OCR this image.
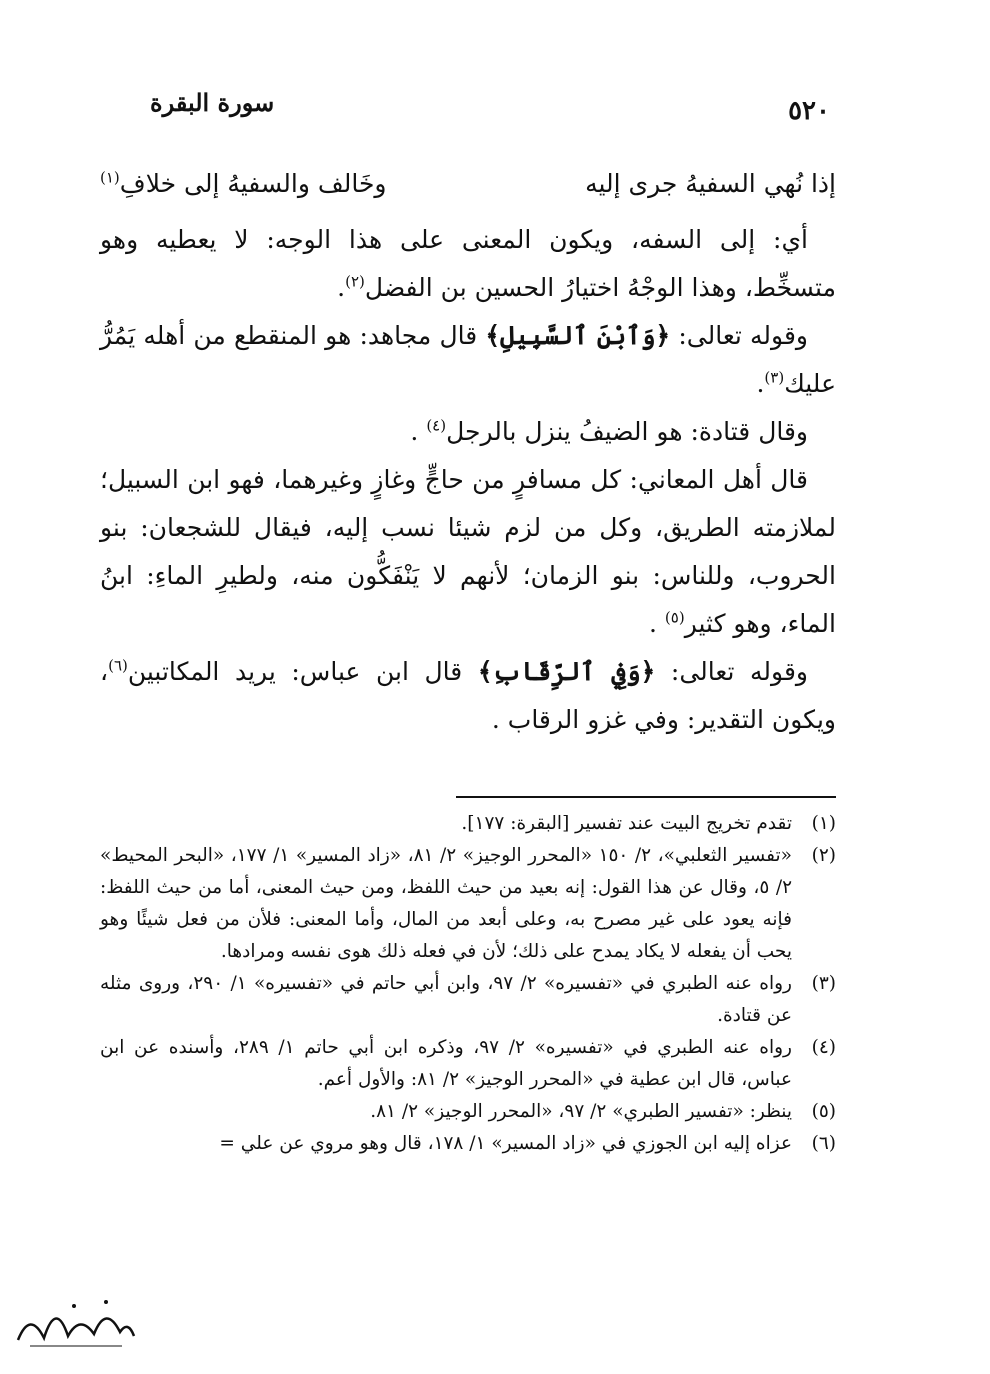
٥٢٠
سورة البقرة
إذا نُهي السفيهُ جرى إليه
وخَالف والسفيهُ إلى خلافِ$^{(١)}$

أي: إلى السفه، ويكون المعنى على هذا الوجه: لا يعطيه وهو متسخِّط، وهذا الوجْهُ اختيارُ الحسين بن الفضل$^{(٢)}$.

وقوله تعالى: ﴿وَٱبْنَ ٱلسَّبِيلِ﴾ قال مجاهد: هو المنقطع من أهله يَمُرُّ عليك$^{(٣)}$.

وقال قتادة: هو الضيفُ ينزل بالرجل$^{(٤)}$ .

قال أهل المعاني: كل مسافرٍ من حاجٍّ وغازٍ وغيرهما، فهو ابن السبيل؛ لملازمته الطريق، وكل من لزم شيئا نسب إليه، فيقال للشجعان: بنو الحروب، وللناس: بنو الزمان؛ لأنهم لا يَنْفَكُّون منه، ولطيرِ الماءِ: ابنُ الماء، وهو كثير$^{(٥)}$ .

وقوله تعالى: ﴿وَفِي ٱلرِّقَابِ﴾ قال ابن عباس: يريد المكاتبين$^{(٦)}$، ويكون التقدير: وفي غزو الرقاب .

(١)
تقدم تخريج البيت عند تفسير [البقرة: ١٧٧].
(٢)
«تفسير الثعلبي»، ٢/ ١٥٠ «المحرر الوجيز» ٢/ ٨١، «زاد المسير» ١/ ١٧٧، «البحر المحيط» ٢/ ٥، وقال عن هذا القول: إنه بعيد من حيث اللفظ، ومن حيث المعنى، أما من حيث اللفظ: فإنه يعود على غير مصرح به، وعلى أبعد من المال، وأما المعنى: فلأن من فعل شيئًا وهو يحب أن يفعله لا يكاد يمدح على ذلك؛ لأن في فعله ذلك هوى نفسه ومرادها.
(٣)
رواه عنه الطبري في «تفسيره» ٢/ ٩٧، وابن أبي حاتم في «تفسيره» ١/ ٢٩٠، وروى مثله عن قتادة.
(٤)
رواه عنه الطبري في «تفسيره» ٢/ ٩٧، وذكره ابن أبي حاتم ١/ ٢٨٩، وأسنده عن ابن عباس، قال ابن عطية في «المحرر الوجيز» ٢/ ٨١: والأول أعم.
(٥)
ينظر: «تفسير الطبري» ٢/ ٩٧، «المحرر الوجيز» ٢/ ٨١.
(٦)
عزاه إليه ابن الجوزي في «زاد المسير» ١/ ١٧٨، قال وهو مروي عن علي =
